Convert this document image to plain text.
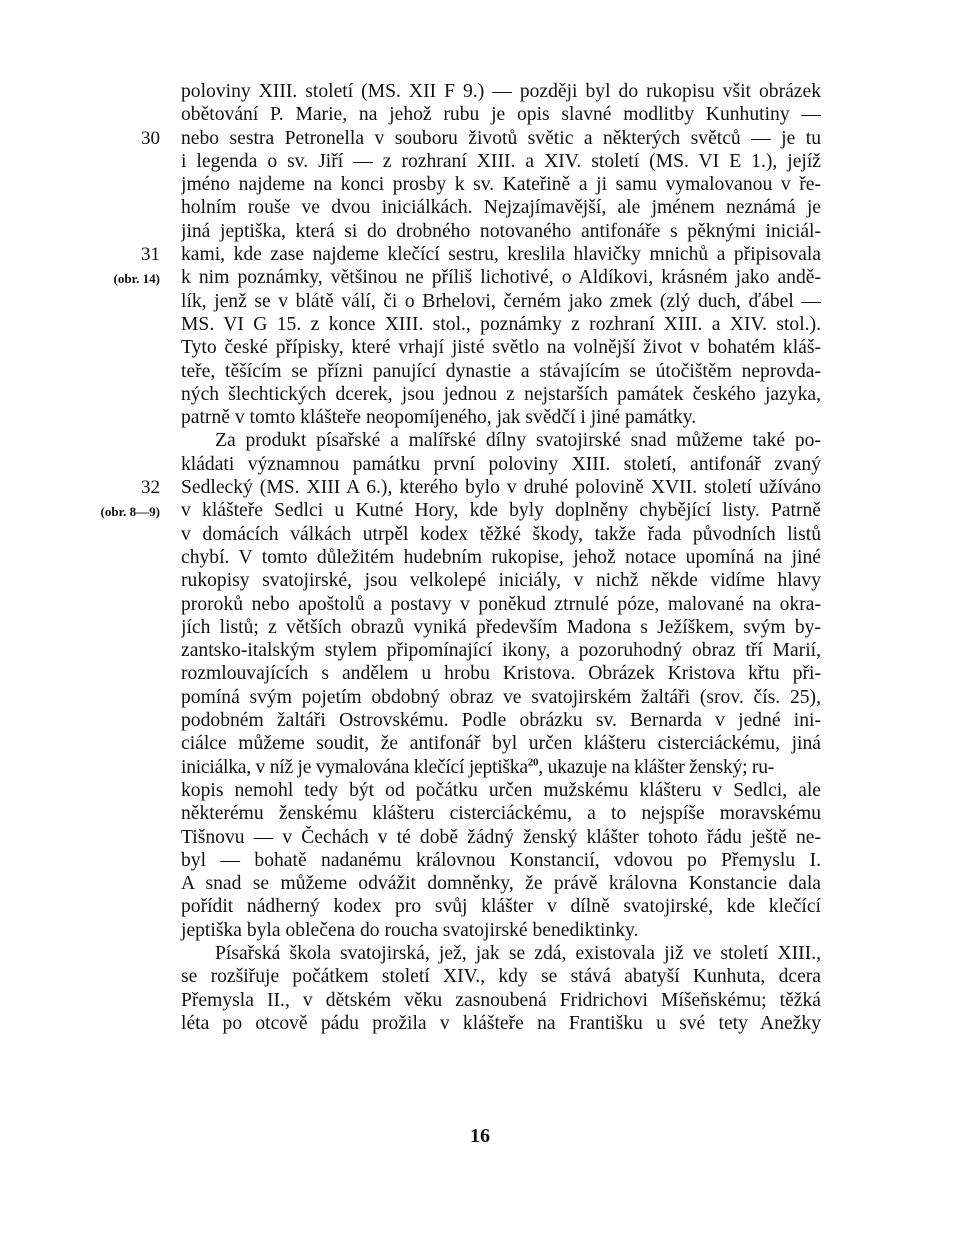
30
31
(obr. 14)
32
(obr. 8—9)
poloviny XIII. století (MS. XII F 9.) — později byl do rukopisu všit obrázek
obětování P. Marie, na jehož rubu je opis slavné modlitby Kunhutiny —
nebo sestra Petronella v souboru životů světic a některých světců — je tu
i legenda o sv. Jiří — z rozhraní XIII. a XIV. století (MS. VI E 1.), jejíž
jméno najdeme na konci prosby k sv. Kateřině a ji samu vymalovanou v ře-
holním rouše ve dvou iniciálkách. Nejzajímavější, ale jménem neznámá je
jiná jeptiška, která si do drobného notovaného antifonáře s pěknými iniciál-
kami, kde zase najdeme klečící sestru, kreslila hlavičky mnichů a připisovala
k nim poznámky, většinou ne příliš lichotivé, o Aldíkovi, krásném jako andě-
lík, jenž se v blátě válí, či o Brhelovi, černém jako zmek (zlý duch, ďábel —
MS. VI G 15. z konce XIII. stol., poznámky z rozhraní XIII. a XIV. stol.).
Tyto české přípisky, které vrhají jisté světlo na volnější život v bohatém kláš-
teře, těšícím se přízni panující dynastie a stávajícím se útočištěm neprovda-
ných šlechtických dcerek, jsou jednou z nejstarších památek českého jazyka,
patrně v tomto klášteře neopomíjeného, jak svědčí i jiné památky.
Za produkt písařské a malířské dílny svatojirské snad můžeme také po-
kládati významnou památku první poloviny XIII. století, antifonář zvaný
Sedlecký (MS. XIII A 6.), kterého bylo v druhé polovině XVII. století užíváno
v klášteře Sedlci u Kutné Hory, kde byly doplněny chybějící listy. Patrně
v domácích válkách utrpěl kodex těžké škody, takže řada původních listů
chybí. V tomto důležitém hudebním rukopise, jehož notace upomíná na jiné
rukopisy svatojirské, jsou velkolepé iniciály, v nichž někde vidíme hlavy
proroků nebo apoštolů a postavy v poněkud ztrnulé póze, malované na okra-
jích listů; z větších obrazů vyniká především Madona s Ježíškem, svým by-
zantsko-italským stylem připomínající ikony, a pozoruhodný obraz tří Marií,
rozmlouvajících s andělem u hrobu Kristova. Obrázek Kristova křtu při-
pomíná svým pojetím obdobný obraz ve svatojirském žaltáři (srov. čís. 25),
podobném žaltáři Ostrovskému. Podle obrázku sv. Bernarda v jedné ini-
ciálce můžeme soudit, že antifonář byl určen klášteru cisterciáckému, jiná
iniciálka, v níž je vymalována klečící jeptiška$^{20}$, ukazuje na klášter ženský; ru-
kopis nemohl tedy být od počátku určen mužskému klášteru v Sedlci, ale
některému ženskému klášteru cisterciáckému, a to nejspíše moravskému
Tišnovu — v Čechách v té době žádný ženský klášter tohoto řádu ještě ne-
byl — bohatě nadanému královnou Konstancií, vdovou po Přemyslu I.
A snad se můžeme odvážit domněnky, že právě královna Konstancie dala
pořídit nádherný kodex pro svůj klášter v dílně svatojirské, kde klečící
jeptiška byla oblečena do roucha svatojirské benediktinky.
Písařská škola svatojirská, jež, jak se zdá, existovala již ve století XIII.,
se rozšiřuje počátkem století XIV., kdy se stává abatyší Kunhuta, dcera
Přemysla II., v dětském věku zasnoubená Fridrichovi Míšeňskému; těžká
léta po otcově pádu prožila v klášteře na Františku u své tety Anežky
16
